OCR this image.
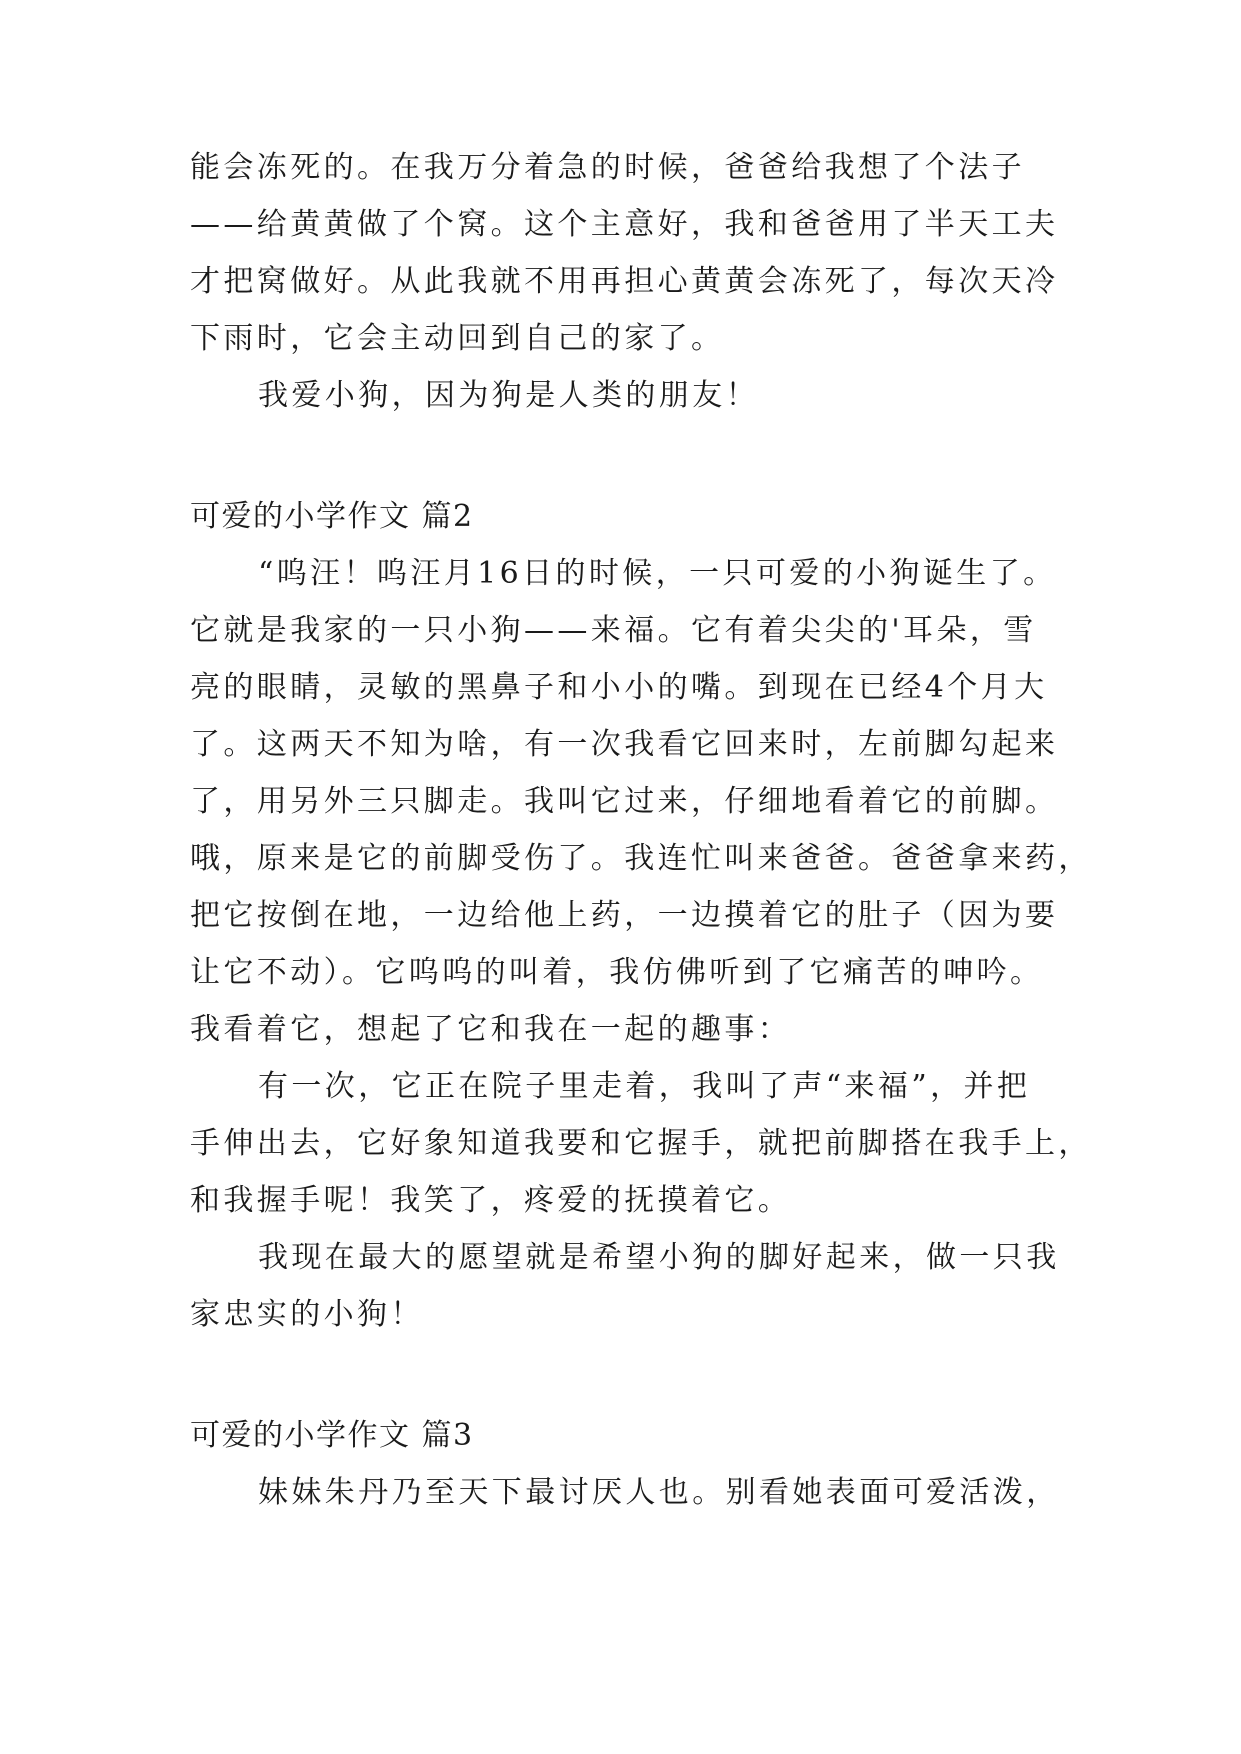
能会冻死的。在我万分着急的时候，爸爸给我想了个法子
——给黄黄做了个窝。这个主意好，我和爸爸用了半天工夫
才把窝做好。从此我就不用再担心黄黄会冻死了，每次天冷
下雨时，它会主动回到自己的家了。
我爱小狗，因为狗是人类的朋友！
可爱的小学作文 篇2
“呜汪！呜汪月16日的时候，一只可爱的小狗诞生了。
它就是我家的一只小狗——来福。它有着尖尖的'耳朵，雪
亮的眼睛，灵敏的黑鼻子和小小的嘴。到现在已经4个月大
了。这两天不知为啥，有一次我看它回来时，左前脚勾起来
了，用另外三只脚走。我叫它过来，仔细地看着它的前脚。
哦，原来是它的前脚受伤了。我连忙叫来爸爸。爸爸拿来药，
把它按倒在地，一边给他上药，一边摸着它的肚子（因为要
让它不动）。它呜呜的叫着，我仿佛听到了它痛苦的呻吟。
我看着它，想起了它和我在一起的趣事：
有一次，它正在院子里走着，我叫了声“来福”，并把
手伸出去，它好象知道我要和它握手，就把前脚搭在我手上，
和我握手呢！我笑了，疼爱的抚摸着它。
我现在最大的愿望就是希望小狗的脚好起来，做一只我
家忠实的小狗！
可爱的小学作文 篇3
妹妹朱丹乃至天下最讨厌人也。别看她表面可爱活泼，
